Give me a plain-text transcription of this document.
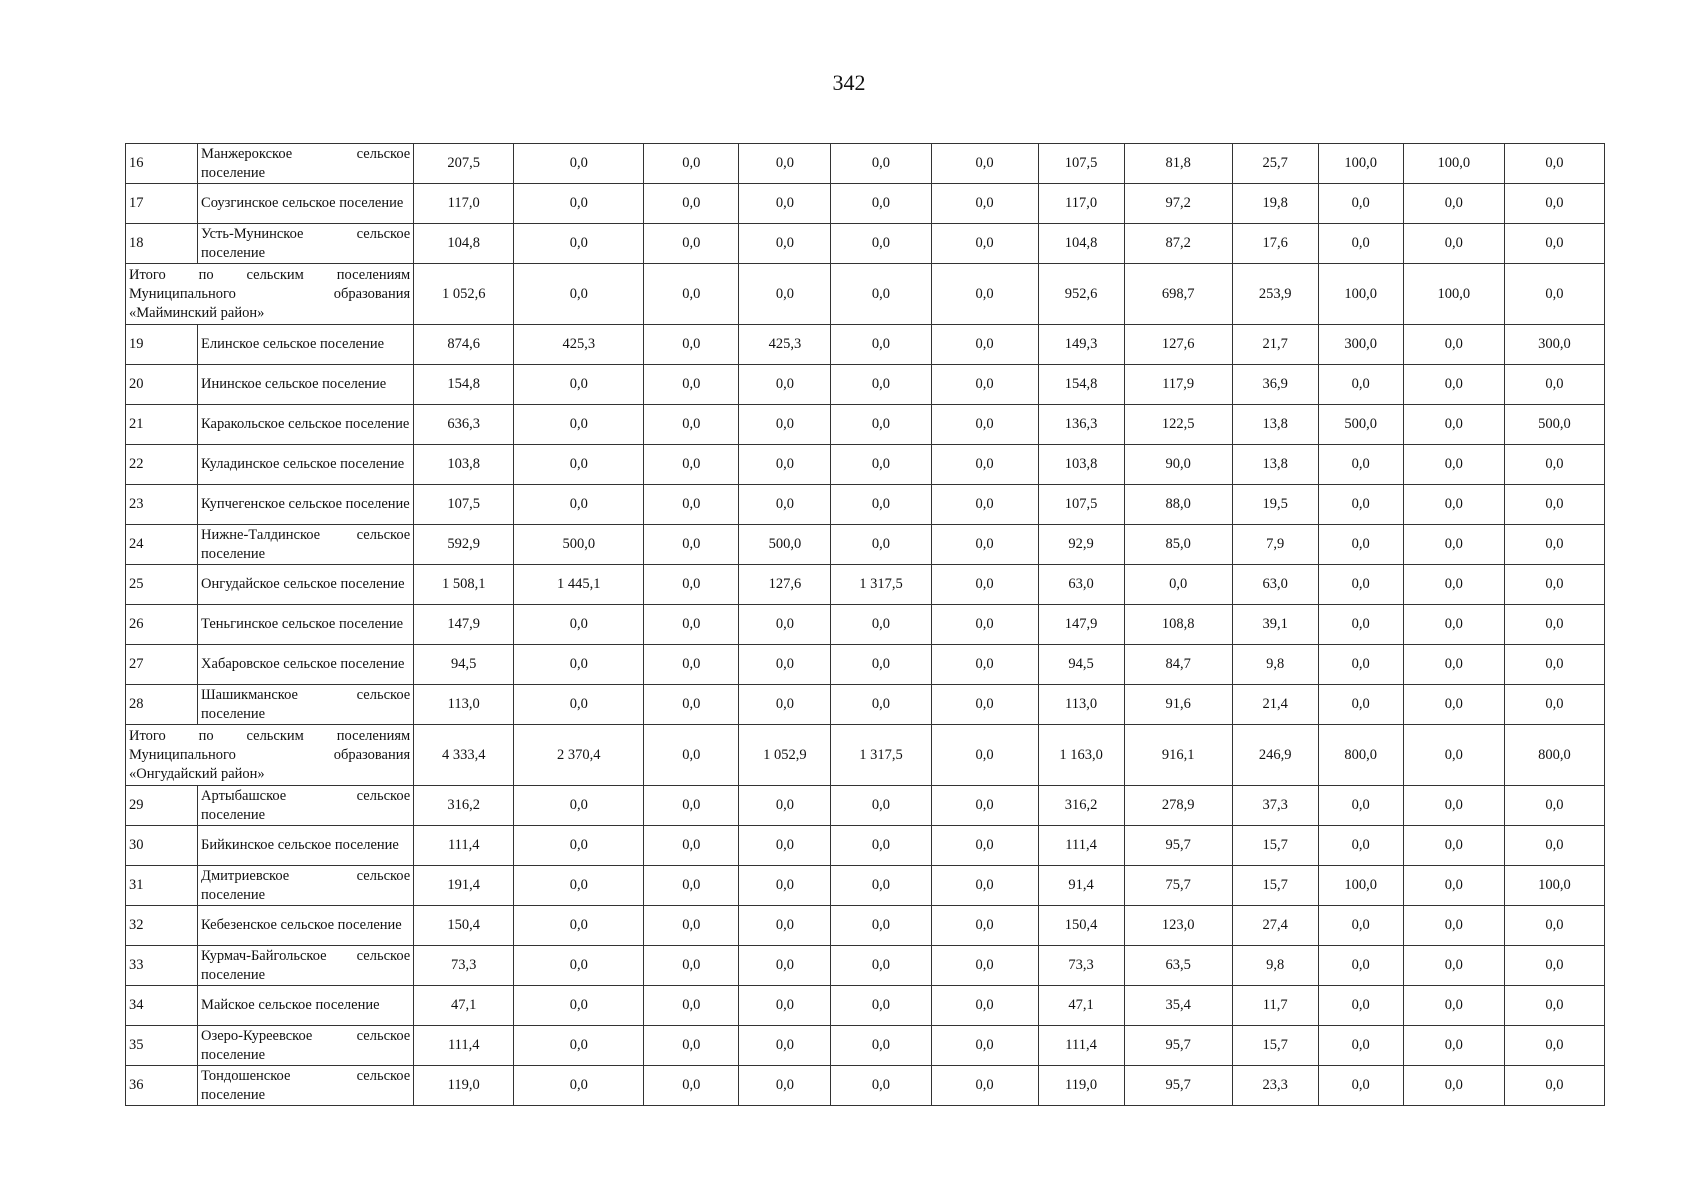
342
16	Манжерокское сельское поселение	207,5	0,0	0,0	0,0	0,0	0,0	107,5	81,8	25,7	100,0	100,0	0,0
17	Соузгинское сельское поселение	117,0	0,0	0,0	0,0	0,0	0,0	117,0	97,2	19,8	0,0	0,0	0,0
18	Усть-Мунинское сельское поселение	104,8	0,0	0,0	0,0	0,0	0,0	104,8	87,2	17,6	0,0	0,0	0,0

Итого по сельским поселениям
Муниципального образования
«Майминский район»		1 052,6	0,0	0,0	0,0	0,0	0,0	952,6	698,7	253,9	100,0	100,0	0,0
19	Елинское сельское поселение	874,6	425,3	0,0	425,3	0,0	0,0	149,3	127,6	21,7	300,0	0,0	300,0
20	Ининское сельское поселение	154,8	0,0	0,0	0,0	0,0	0,0	154,8	117,9	36,9	0,0	0,0	0,0
21	Каракольское сельское поселение	636,3	0,0	0,0	0,0	0,0	0,0	136,3	122,5	13,8	500,0	0,0	500,0
22	Куладинское сельское поселение	103,8	0,0	0,0	0,0	0,0	0,0	103,8	90,0	13,8	0,0	0,0	0,0
23	Купчегенское сельское поселение	107,5	0,0	0,0	0,0	0,0	0,0	107,5	88,0	19,5	0,0	0,0	0,0
24	Нижне-Талдинское сельское поселение	592,9	500,0	0,0	500,0	0,0	0,0	92,9	85,0	7,9	0,0	0,0	0,0
25	Онгудайское сельское поселение	1 508,1	1 445,1	0,0	127,6	1 317,5	0,0	63,0	0,0	63,0	0,0	0,0	0,0
26	Теньгинское сельское поселение	147,9	0,0	0,0	0,0	0,0	0,0	147,9	108,8	39,1	0,0	0,0	0,0
27	Хабаровское сельское поселение	94,5	0,0	0,0	0,0	0,0	0,0	94,5	84,7	9,8	0,0	0,0	0,0
28	Шашикманское сельское поселение	113,0	0,0	0,0	0,0	0,0	0,0	113,0	91,6	21,4	0,0	0,0	0,0

Итого по сельским поселениям
Муниципального образования
«Онгудайский район»		4 333,4	2 370,4	0,0	1 052,9	1 317,5	0,0	1 163,0	916,1	246,9	800,0	0,0	800,0
29	Артыбашское сельское поселение	316,2	0,0	0,0	0,0	0,0	0,0	316,2	278,9	37,3	0,0	0,0	0,0
30	Бийкинское сельское поселение	111,4	0,0	0,0	0,0	0,0	0,0	111,4	95,7	15,7	0,0	0,0	0,0
31	Дмитриевское сельское поселение	191,4	0,0	0,0	0,0	0,0	0,0	91,4	75,7	15,7	100,0	0,0	100,0
32	Кебезенское сельское поселение	150,4	0,0	0,0	0,0	0,0	0,0	150,4	123,0	27,4	0,0	0,0	0,0
33	Курмач-Байгольское сельское поселение	73,3	0,0	0,0	0,0	0,0	0,0	73,3	63,5	9,8	0,0	0,0	0,0
34	Майское сельское поселение	47,1	0,0	0,0	0,0	0,0	0,0	47,1	35,4	11,7	0,0	0,0	0,0
35	Озеро-Куреевское сельское поселение	111,4	0,0	0,0	0,0	0,0	0,0	111,4	95,7	15,7	0,0	0,0	0,0
36	Тондошенское сельское поселение	119,0	0,0	0,0	0,0	0,0	0,0	119,0	95,7	23,3	0,0	0,0	0,0
